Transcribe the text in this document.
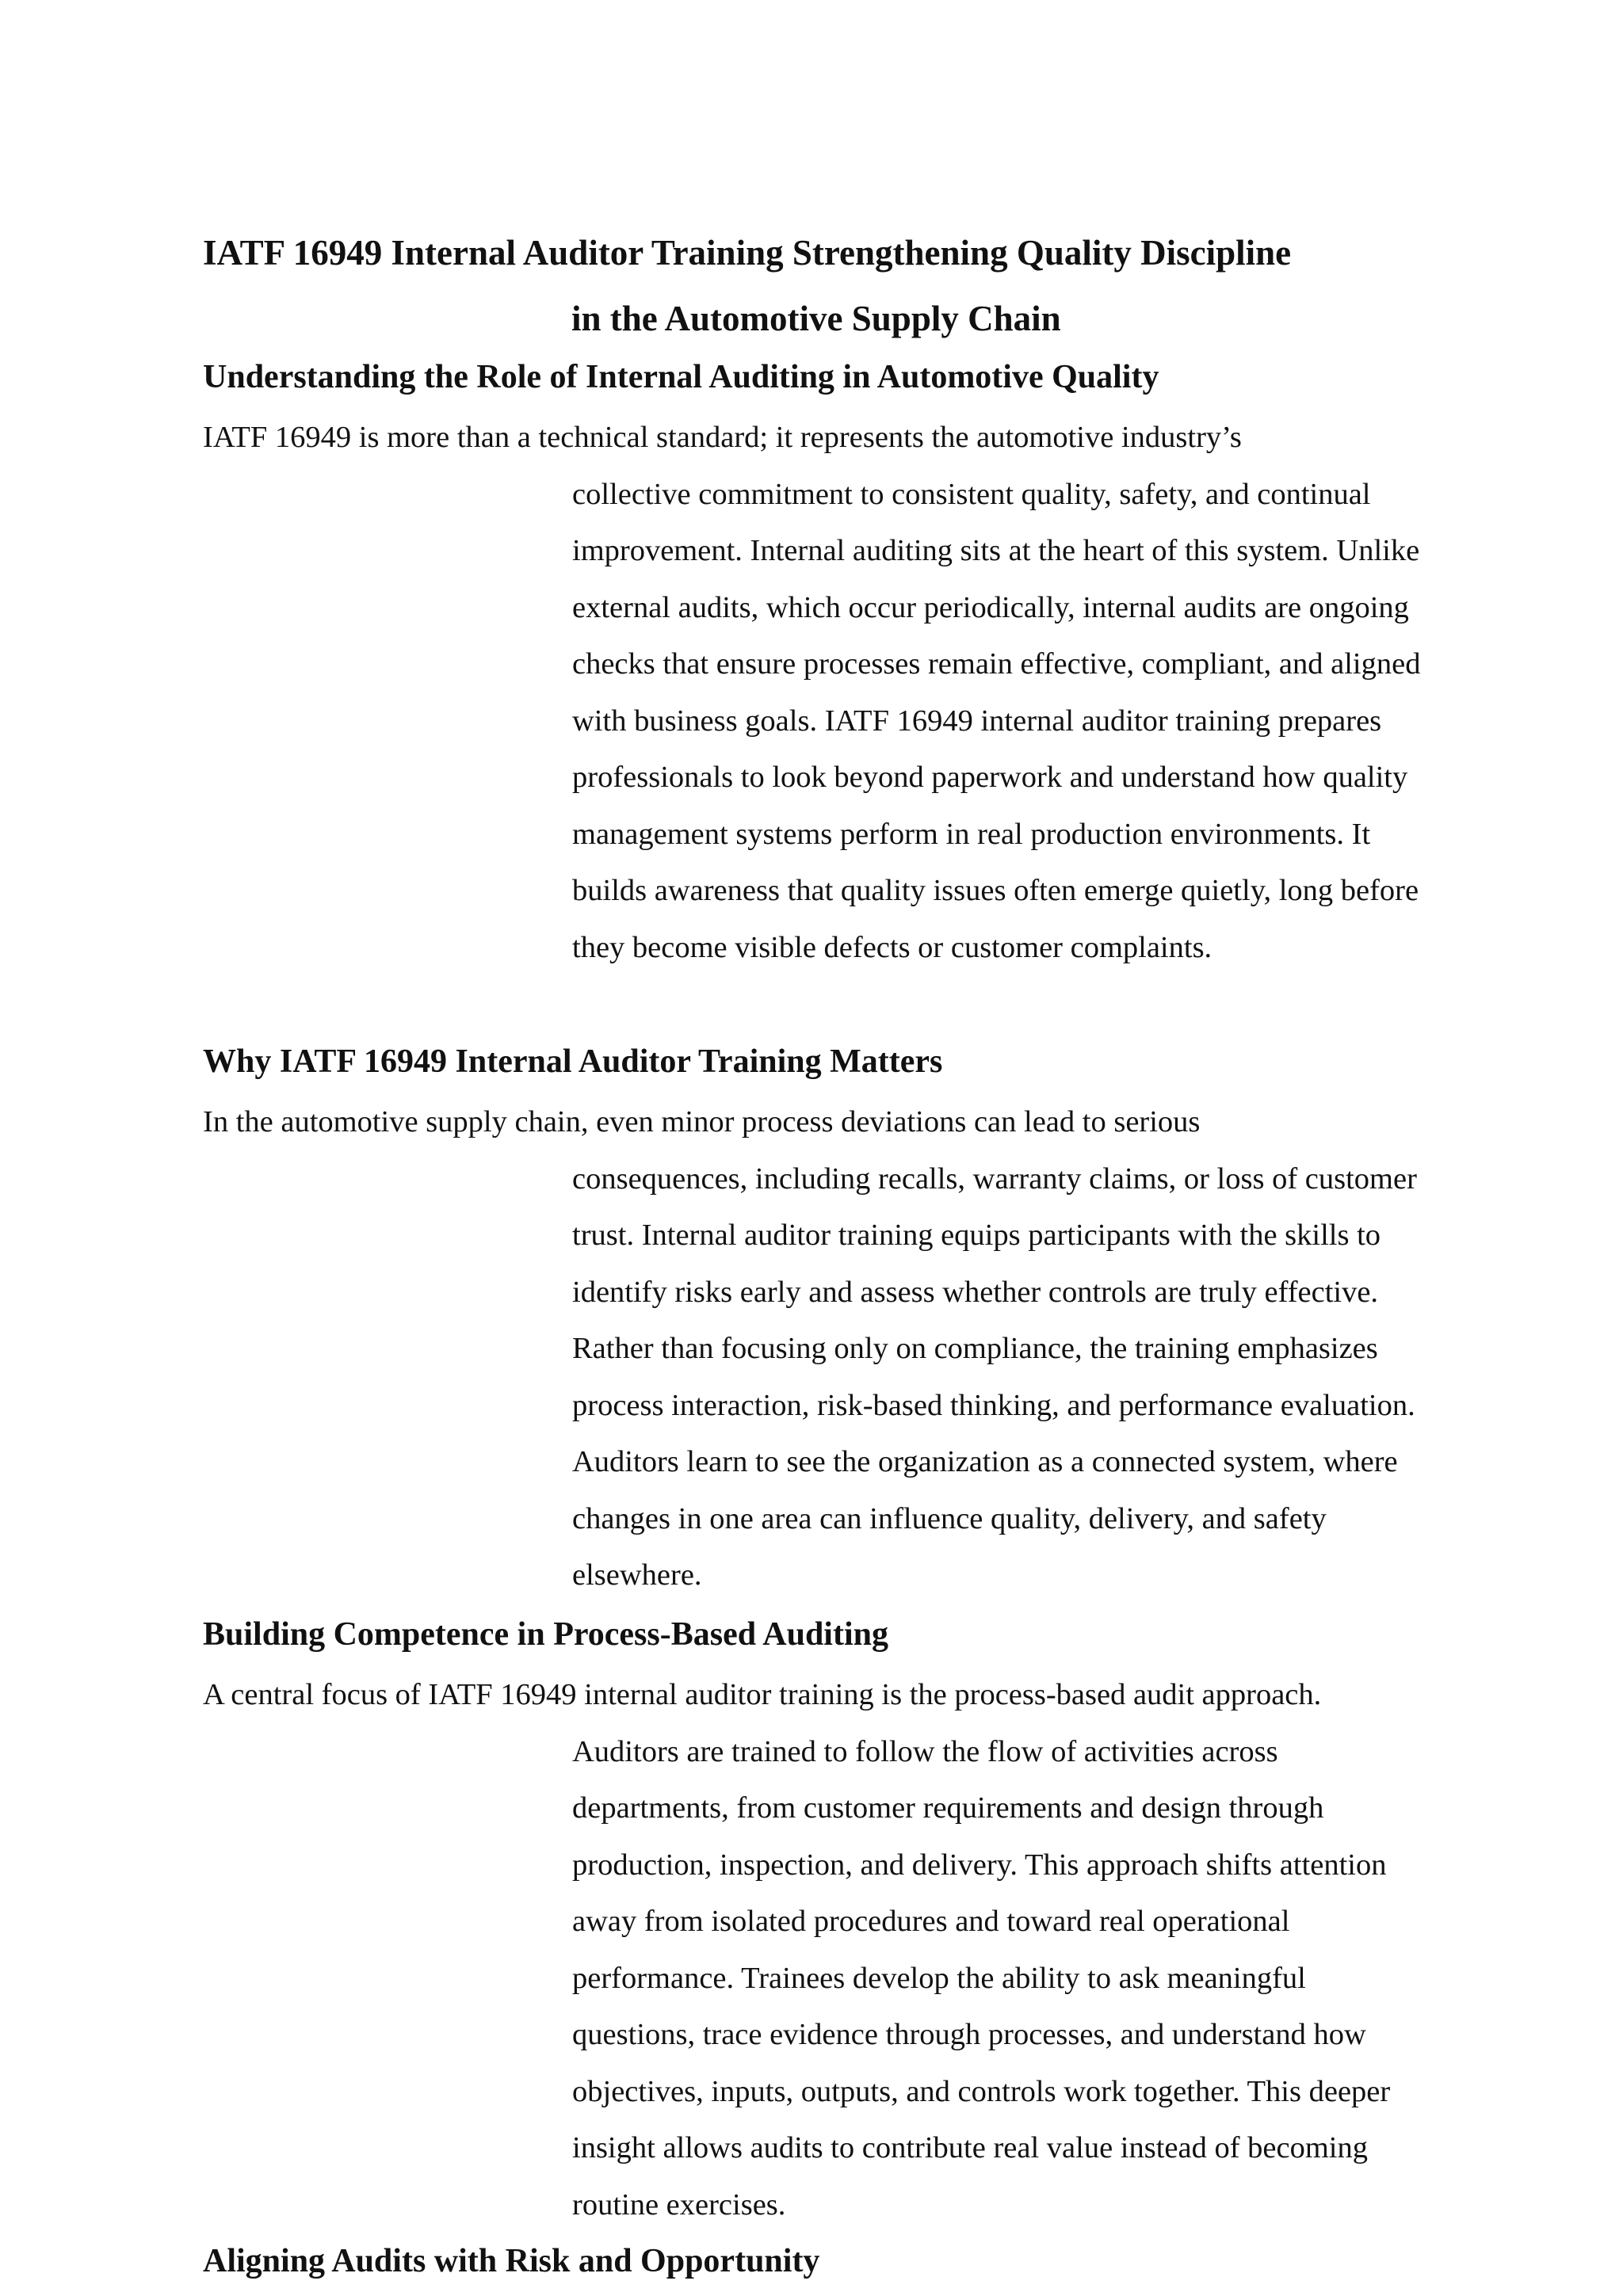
IATF 16949 Internal Auditor Training Strengthening Quality Discipline
in the Automotive Supply Chain
Understanding the Role of Internal Auditing in Automotive Quality
IATF 16949 is more than a technical standard; it represents the automotive industry’s
collective commitment to consistent quality, safety, and continual improvement. Internal auditing sits at the heart of this system. Unlike external audits, which occur periodically, internal audits are ongoing checks that ensure processes remain effective, compliant, and aligned with business goals. IATF 16949 internal auditor training prepares professionals to look beyond paperwork and understand how quality management systems perform in real production environments. It builds awareness that quality issues often emerge quietly, long before they become visible defects or customer complaints.
Why IATF 16949 Internal Auditor Training Matters
In the automotive supply chain, even minor process deviations can lead to serious
consequences, including recalls, warranty claims, or loss of customer trust. Internal auditor training equips participants with the skills to identify risks early and assess whether controls are truly effective. Rather than focusing only on compliance, the training emphasizes process interaction, risk-based thinking, and performance evaluation. Auditors learn to see the organization as a connected system, where changes in one area can influence quality, delivery, and safety elsewhere.
Building Competence in Process-Based Auditing
A central focus of IATF 16949 internal auditor training is the process-based audit approach.
Auditors are trained to follow the flow of activities across departments, from customer requirements and design through production, inspection, and delivery. This approach shifts attention away from isolated procedures and toward real operational performance. Trainees develop the ability to ask meaningful questions, trace evidence through processes, and understand how objectives, inputs, outputs, and controls work together. This deeper insight allows audits to contribute real value instead of becoming routine exercises.
Aligning Audits with Risk and Opportunity
